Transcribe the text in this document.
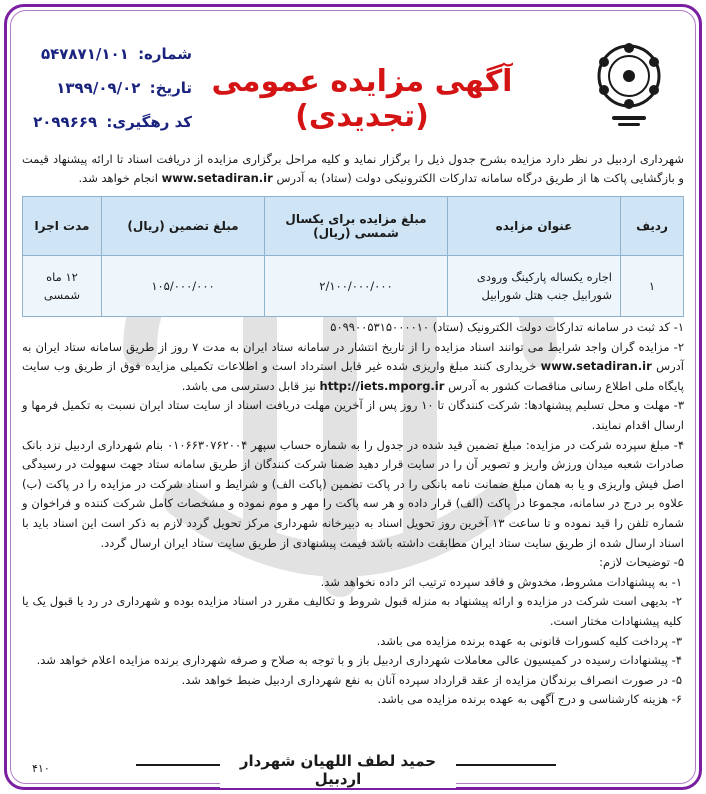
آگهی مزایده عمومی (تجدیدی)
شماره: ۵۴۷۸۷۱/۱۰۱
تاریخ: ۱۳۹۹/۰۹/۰۲
کد رهگیری: ۲۰۹۹۶۶۹
شهرداری اردبیل در نظر دارد مزایده بشرح جدول ذیل را برگزار نماید و کلیه مراحل برگزاری مزایده از دریافت اسناد تا ارائه پیشنهاد قیمت و بازگشایی پاکت ها از طریق درگاه سامانه تدارکات الکترونیکی دولت (ستاد) به آدرس www.setadiran.ir انجام خواهد شد.
ردیف	عنوان مزایده	مبلغ مزایده برای یکسال شمسی (ریال)	مبلغ تضمین (ریال)	مدت اجرا
۱	اجاره یکساله پارکینگ ورودی شورابیل جنب هتل شورابیل	۲/۱۰۰/۰۰۰/۰۰۰	۱۰۵/۰۰۰/۰۰۰	۱۲ ماه شمسی

۱- کد ثبت در سامانه تدارکات دولت الکترونیک (ستاد) ۵۰۹۹۰۰۵۳۱۵۰۰۰۰۱۰

۲- مزایده گران واجد شرایط می توانند اسناد مزایده را از تاریخ انتشار در سامانه ستاد ایران به مدت ۷ روز از طریق سامانه ستاد ایران به آدرس www.setadiran.ir خریداری کنند مبلغ واریزی شده غیر قابل استرداد است و اطلاعات تکمیلی مزایده فوق از طریق وب سایت پایگاه ملی اطلاع رسانی مناقصات کشور به آدرس http://iets.mporg.ir نیز قابل دسترسی می باشد.

۳- مهلت و محل تسلیم پیشنهادها: شرکت کنندگان تا ۱۰ روز پس از آخرین مهلت دریافت اسناد از سایت ستاد ایران نسبت به تکمیل فرمها و ارسال اقدام نمایند.

۴- مبلغ سپرده شرکت در مزایده: مبلغ تضمین قید شده در جدول را به شماره حساب سپهر ۰۱۰۶۶۳۰۷۶۲۰۰۴ بنام شهرداری اردبیل نزد بانک صادرات شعبه میدان ورزش واریز و تصویر آن را در سایت قرار دهید ضمنا شرکت کنندگان از طریق سامانه ستاد جهت سهولت در رسیدگی اصل فیش واریزی و یا به همان مبلغ ضمانت نامه بانکی را در پاکت تضمین (پاکت الف) و شرایط و اسناد شرکت در مزایده را در پاکت (ب) علاوه بر درج در سامانه، مجموعا در پاکت (الف) قرار داده و هر سه پاکت را مهر و موم نموده و مشخصات کامل شرکت کننده و فراخوان و شماره تلفن را قید نموده و تا ساعت ۱۳ آخرین روز تحویل اسناد به دبیرخانه شهرداری مرکز تحویل گردد لازم به ذکر است این اسناد باید با اسناد ارسال شده از طریق سایت ستاد ایران مطابقت داشته باشد قیمت پیشنهادی از طریق سایت ستاد ایران ارسال گردد.

۵- توضیحات لازم:

۱- به پیشنهادات مشروط، مخدوش و فاقد سپرده ترتیب اثر داده نخواهد شد.

۲- بدیهی است شرکت در مزایده و ارائه پیشنهاد به منزله قبول شروط و تکالیف مقرر در اسناد مزایده بوده و شهرداری در رد یا قبول یک یا کلیه پیشنهادات مختار است.

۳- پرداخت کلیه کسورات قانونی به عهده برنده مزایده می باشد.

۴- پیشنهادات رسیده در کمیسیون عالی معاملات شهرداری اردبیل باز و با توجه به صلاح و صرفه شهرداری برنده مزایده اعلام خواهد شد.

۵- در صورت انصراف برندگان مزایده از عقد قرارداد سپرده آنان به نفع شهرداری اردبیل ضبط خواهد شد.

۶- هزینه کارشناسی و درج آگهی به عهده برنده مزایده می باشد.

حمید لطف اللهیان شهردار اردبیل
۴۱۰
